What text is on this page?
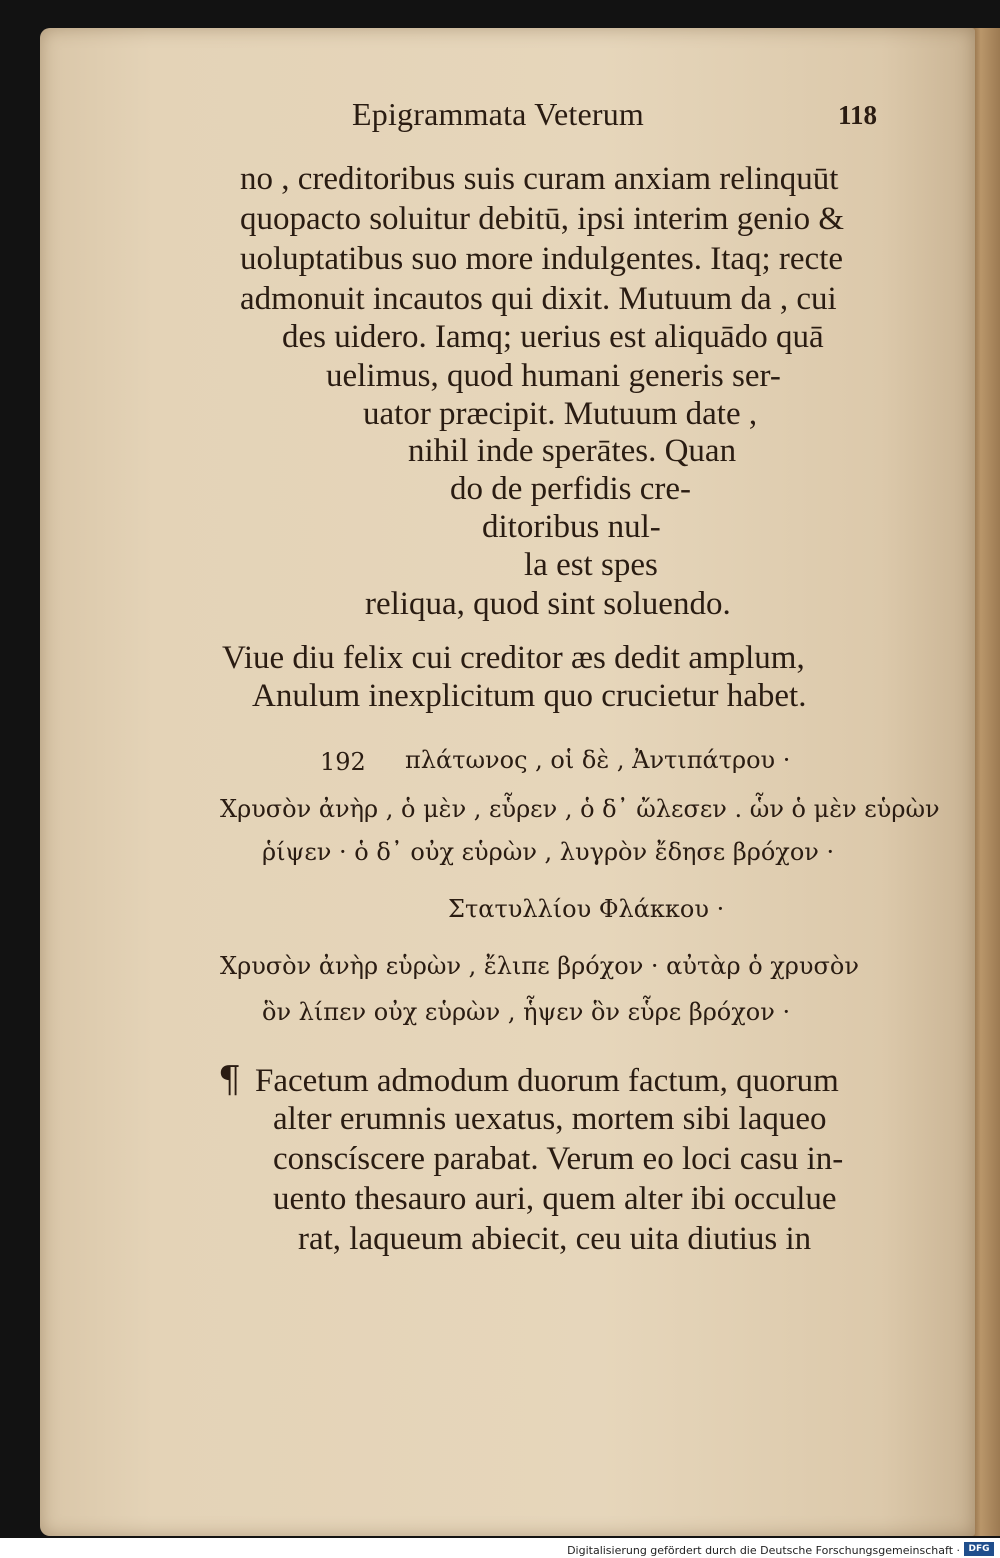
Epigrammata Veterum	118
no , creditoribus suis curam anxiam relinquūt
quopacto soluitur debitū, ipsi interim genio &
uoluptatibus suo more indulgentes. Itaq; recte
admonuit incautos qui dixit. Mutuum da , cui
des uidero. Iamq; uerius est aliquādo quā
uelimus, quod humani generis ser-
uator præcipit. Mutuum date ,
nihil inde sperātes. Quan
do de perfidis cre-
ditoribus nul-
la est spes
reliqua, quod sint soluendo.
Viue diu felix cui creditor æs dedit amplum,
Anulum inexplicitum quo crucietur habet.
192 πλάτωνος , οἱ δὲ , Ἀντιπάτρου ·
Χρυσὸν ἀνὴρ , ὁ μὲν , εὗρεν , ὁ δ᾽ ὤλεσεν . ὧν ὁ μὲν εὑρὼν
ῥίψεν · ὁ δ᾽ οὐχ εὑρὼν , λυγρὸν ἔδησε βρόχον ·
Στατυλλίου Φλάκκου ·
Χρυσὸν ἀνὴρ εὑρὼν , ἔλιπε βρόχον · αὐτὰρ ὁ χρυσὸν
ὃν λίπεν οὐχ εὑρὼν , ἧψεν ὃν εὗρε βρόχον ·
¶ Facetum admodum duorum factum, quorum
alter erumnis uexatus, mortem sibi laqueo
conscíscere parabat. Verum eo loci casu in-
uento thesauro auri, quem alter ibi occulue
rat, laqueum abiecit, ceu uita diutius in
Digitalisierung gefördert durch die Deutsche Forschungsgemeinschaft · DFG
